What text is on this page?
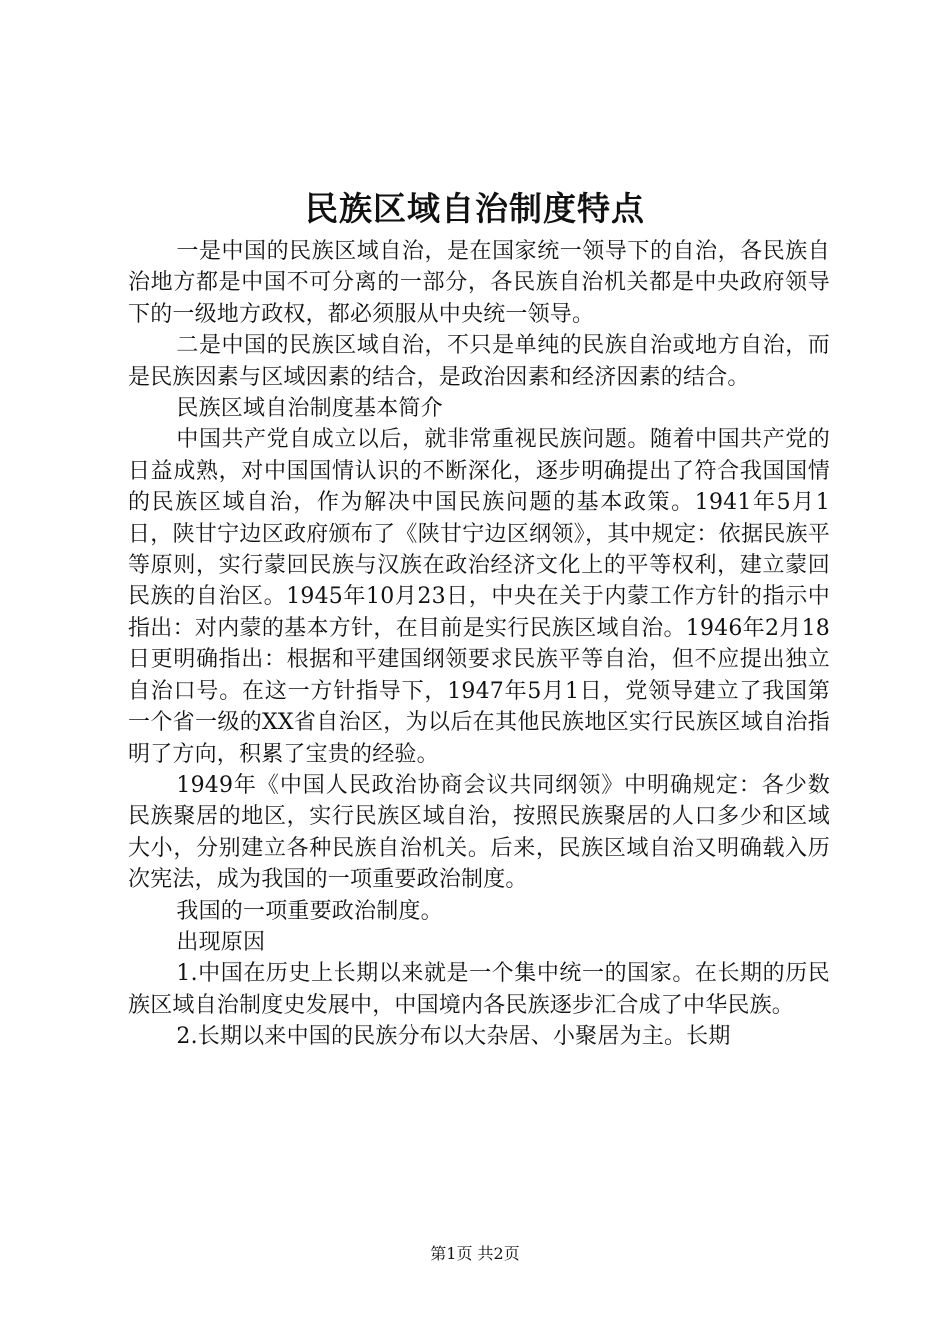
民族区域自治制度特点

一是中国的民族区域自治，是在国家统一领导下的自治，各民族自治地方都是中国不可分离的一部分，各民族自治机关都是中央政府领导下的一级地方政权，都必须服从中央统一领导。

二是中国的民族区域自治，不只是单纯的民族自治或地方自治，而是民族因素与区域因素的结合，是政治因素和经济因素的结合。

民族区域自治制度基本简介

中国共产党自成立以后，就非常重视民族问题。随着中国共产党的日益成熟，对中国国情认识的不断深化，逐步明确提出了符合我国国情的民族区域自治，作为解决中国民族问题的基本政策。1941年5月1日，陕甘宁边区政府颁布了《陕甘宁边区纲领》，其中规定：依据民族平等原则，实行蒙回民族与汉族在政治经济文化上的平等权利，建立蒙回民族的自治区。1945年10月23日，中央在关于内蒙工作方针的指示中指出：对内蒙的基本方针，在目前是实行民族区域自治。1946年2月18日更明确指出：根据和平建国纲领要求民族平等自治，但不应提出独立自治口号。在这一方针指导下，1947年5月1日，党领导建立了我国第一个省一级的XX省自治区，为以后在其他民族地区实行民族区域自治指明了方向，积累了宝贵的经验。

1949年《中国人民政治协商会议共同纲领》中明确规定：各少数民族聚居的地区，实行民族区域自治，按照民族聚居的人口多少和区域大小，分别建立各种民族自治机关。后来，民族区域自治又明确载入历次宪法，成为我国的一项重要政治制度。

我国的一项重要政治制度。

出现原因

1.中国在历史上长期以来就是一个集中统一的国家。在长期的历民族区域自治制度史发展中，中国境内各民族逐步汇合成了中华民族。

2.长期以来中国的民族分布以大杂居、小聚居为主。长期

第1页 共2页
